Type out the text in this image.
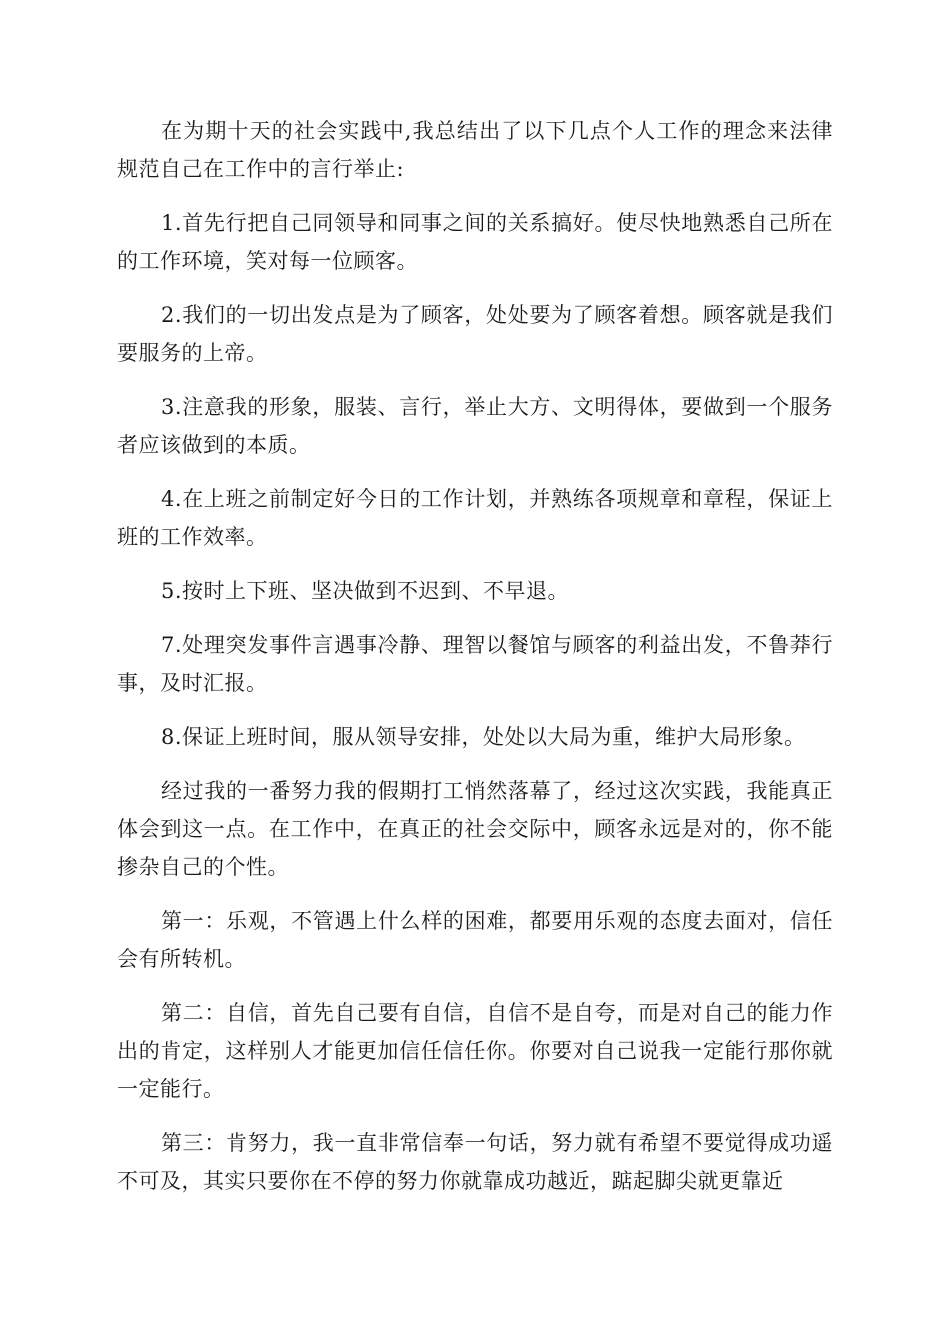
在为期十天的社会实践中,我总结出了以下几点个人工作的理念来法律规范自己在工作中的言行举止:

1.首先行把自己同领导和同事之间的关系搞好。使尽快地熟悉自己所在的工作环境，笑对每一位顾客。

2.我们的一切出发点是为了顾客，处处要为了顾客着想。顾客就是我们要服务的上帝。

3.注意我的形象，服装、言行，举止大方、文明得体，要做到一个服务者应该做到的本质。

4.在上班之前制定好今日的工作计划，并熟练各项规章和章程，保证上班的工作效率。

5.按时上下班、坚决做到不迟到、不早退。

7.处理突发事件言遇事冷静、理智以餐馆与顾客的利益出发，不鲁莽行事，及时汇报。

8.保证上班时间，服从领导安排，处处以大局为重，维护大局形象。

经过我的一番努力我的假期打工悄然落幕了，经过这次实践，我能真正体会到这一点。在工作中，在真正的社会交际中，顾客永远是对的，你不能掺杂自己的个性。

第一：乐观，不管遇上什么样的困难，都要用乐观的态度去面对，信任会有所转机。

第二：自信，首先自己要有自信，自信不是自夸，而是对自己的能力作出的肯定，这样别人才能更加信任信任你。你要对自己说我一定能行那你就一定能行。

第三：肯努力，我一直非常信奉一句话，努力就有希望不要觉得成功遥不可及，其实只要你在不停的努力你就靠成功越近，踮起脚尖就更靠近
